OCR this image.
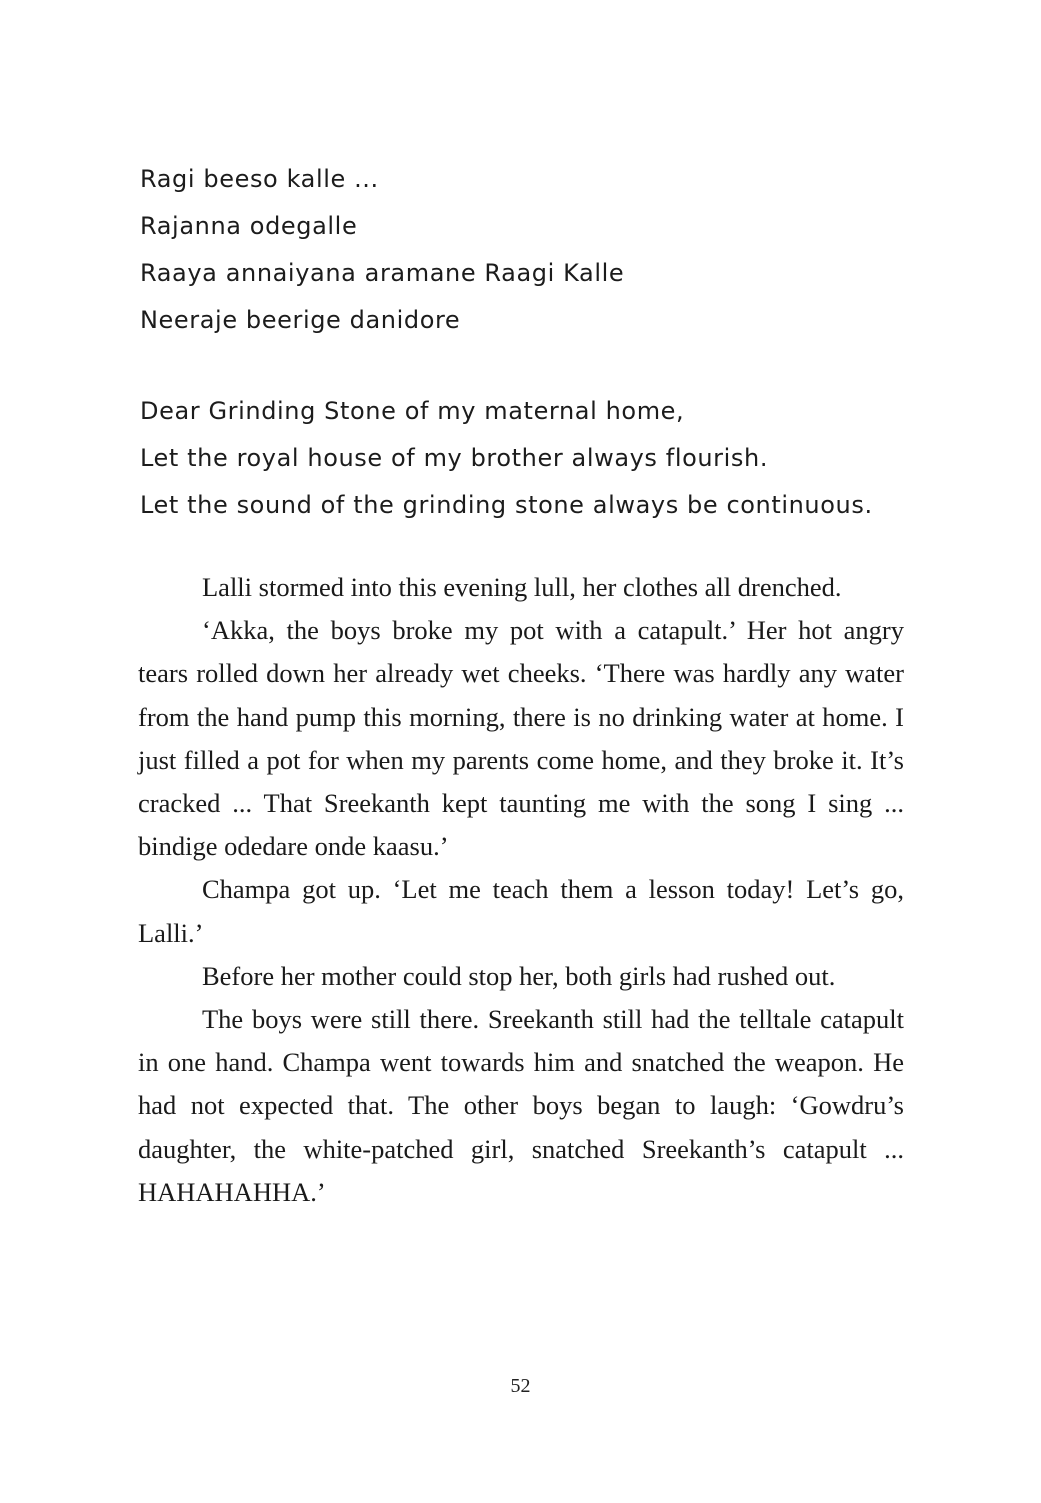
Ragi beeso kalle ...
Rajanna odegalle
Raaya annaiyana aramane Raagi Kalle
Neeraje beerige danidore
Dear Grinding Stone of my maternal home,
Let the royal house of my brother always flourish.
Let the sound of the grinding stone always be continuous.

Lalli stormed into this evening lull, her clothes all drenched.

‘Akka, the boys broke my pot with a catapult.’ Her hot angry tears rolled down her already wet cheeks. ‘There was hardly any water from the hand pump this morning, there is no drinking water at home. I just filled a pot for when my parents come home, and they broke it. It’s cracked ... That Sreekanth kept taunting me with the song I sing ... bindige odedare onde kaasu.’

Champa got up. ‘Let me teach them a lesson today! Let’s go, Lalli.’

Before her mother could stop her, both girls had rushed out.

The boys were still there. Sreekanth still had the telltale catapult in one hand. Champa went towards him and snatched the weapon. He had not expected that. The other boys began to laugh: ‘Gowdru’s daughter, the white-patched girl, snatched Sreekanth’s catapult ... HAHAHAHHA.’

52
